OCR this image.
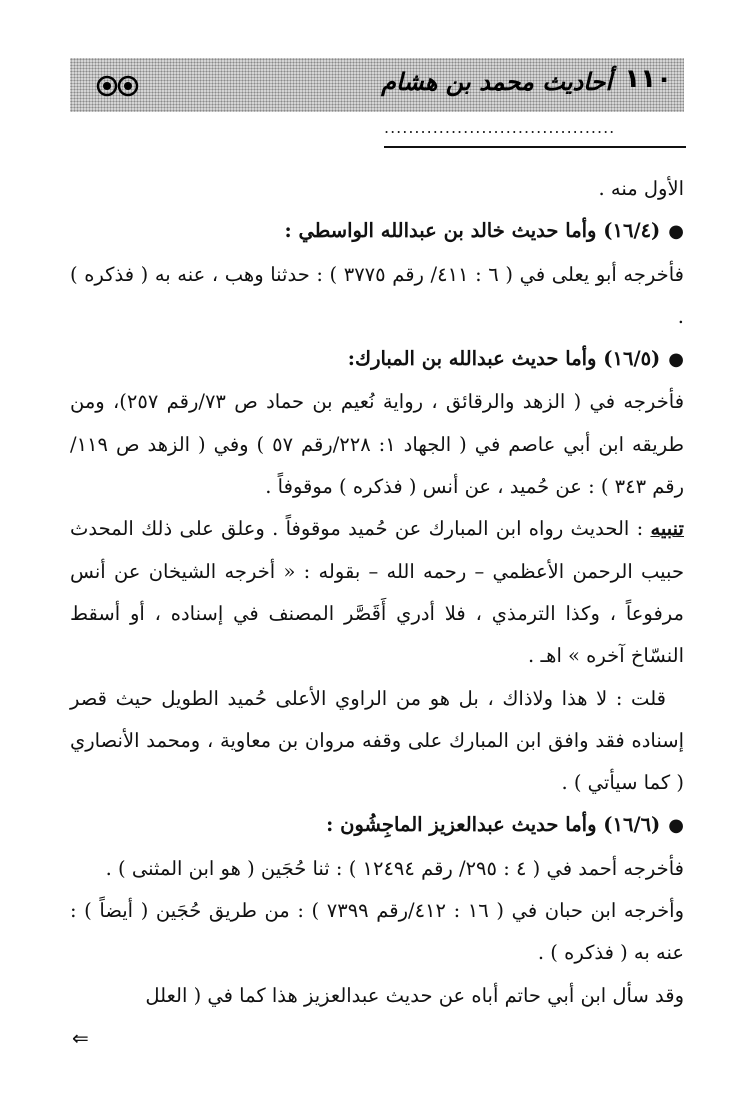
١١٠
أحاديث محمد بن هشام
......................................

الأول منه .

●(١٦/٤) وأما حديث خالد بن عبدالله الواسطي :

فأخرجه أبو يعلى في ( ٦ : ٤١١/ رقم ٣٧٧٥ ) : حدثنا وهب ، عنه به ( فذكره ) .

●(١٦/٥) وأما حديث عبدالله بن المبارك:

فأخرجه في ( الزهد والرقائق ، رواية نُعيم بن حماد ص ٧٣/رقم ٢٥٧)، ومن طريقه ابن أبي عاصم في ( الجهاد ١: ٢٢٨/رقم ٥٧ ) وفي ( الزهد ص ١١٩/ رقم ٣٤٣ ) : عن حُميد ، عن أنس ( فذكره ) موقوفاً .

تنبيه : الحديث رواه ابن المبارك عن حُميد موقوفاً . وعلق على ذلك المحدث حبيب الرحمن الأعظمي – رحمه الله – بقوله : « أخرجه الشيخان عن أنس مرفوعاً ، وكذا الترمذي ، فلا أدري أَقَصَّر المصنف في إسناده ، أو أسقط النسّاخ آخره » اهـ .

قلت : لا هذا ولاذاك ، بل هو من الراوي الأعلى حُميد الطويل حيث قصر إسناده فقد وافق ابن المبارك على وقفه مروان بن معاوية ، ومحمد الأنصاري ( كما سيأتي ) .

●(١٦/٦) وأما حديث عبدالعزيز الماجِشُون :

فأخرجه أحمد في ( ٤ : ٢٩٥/ رقم ١٢٤٩٤ ) : ثنا حُجَين ( هو ابن المثنى ) .

وأخرجه ابن حبان في ( ١٦ : ٤١٢/رقم ٧٣٩٩ ) : من طريق حُجَين ( أيضاً ) : عنه به ( فذكره ) .

وقد سأل ابن أبي حاتم أباه عن حديث عبدالعزيز هذا كما في ( العلل

⇐
